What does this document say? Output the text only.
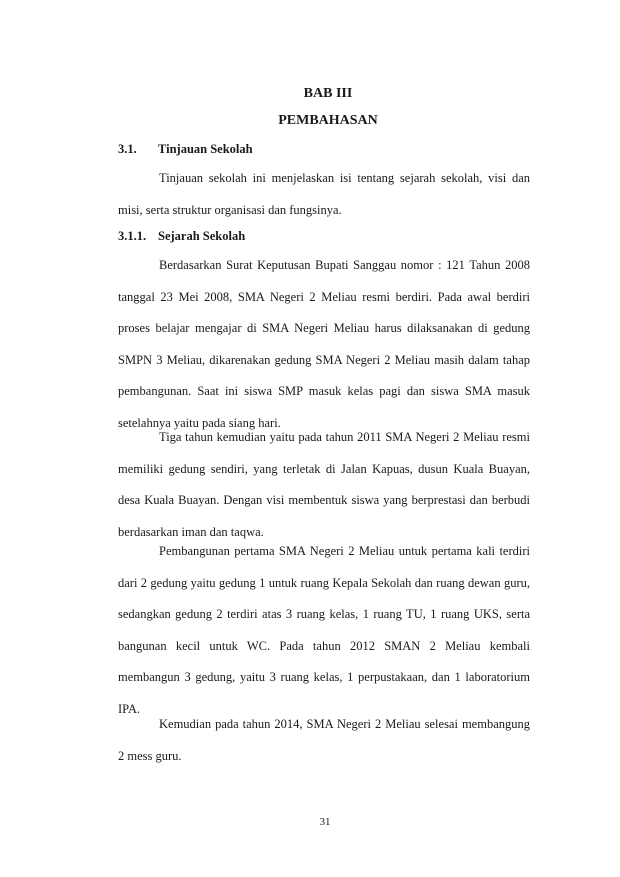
BAB III
PEMBAHASAN
3.1. Tinjauan Sekolah

Tinjauan sekolah ini menjelaskan isi tentang sejarah sekolah, visi dan misi, serta struktur organisasi dan fungsinya.

3.1.1. Sejarah Sekolah

Berdasarkan Surat Keputusan Bupati Sanggau nomor : 121 Tahun 2008 tanggal 23 Mei 2008, SMA Negeri 2 Meliau resmi berdiri. Pada awal berdiri proses belajar mengajar di SMA Negeri Meliau harus dilaksanakan di gedung SMPN 3 Meliau, dikarenakan gedung SMA Negeri 2 Meliau masih dalam tahap pembangunan. Saat ini siswa SMP masuk kelas pagi dan siswa SMA masuk setelahnya yaitu pada siang hari.

Tiga tahun kemudian yaitu pada tahun 2011 SMA Negeri 2 Meliau resmi memiliki gedung sendiri, yang terletak di Jalan Kapuas, dusun Kuala Buayan, desa Kuala Buayan. Dengan visi membentuk siswa yang berprestasi dan berbudi berdasarkan iman dan taqwa.

Pembangunan pertama SMA Negeri 2 Meliau untuk pertama kali terdiri dari 2 gedung yaitu gedung 1 untuk ruang Kepala Sekolah dan ruang dewan guru, sedangkan gedung 2 terdiri atas 3 ruang kelas, 1 ruang TU, 1 ruang UKS, serta bangunan kecil untuk WC. Pada tahun 2012 SMAN 2 Meliau kembali membangun 3 gedung, yaitu 3 ruang kelas, 1 perpustakaan, dan 1 laboratorium IPA.

Kemudian pada tahun 2014, SMA Negeri 2 Meliau selesai membangung 2 mess guru.

31
